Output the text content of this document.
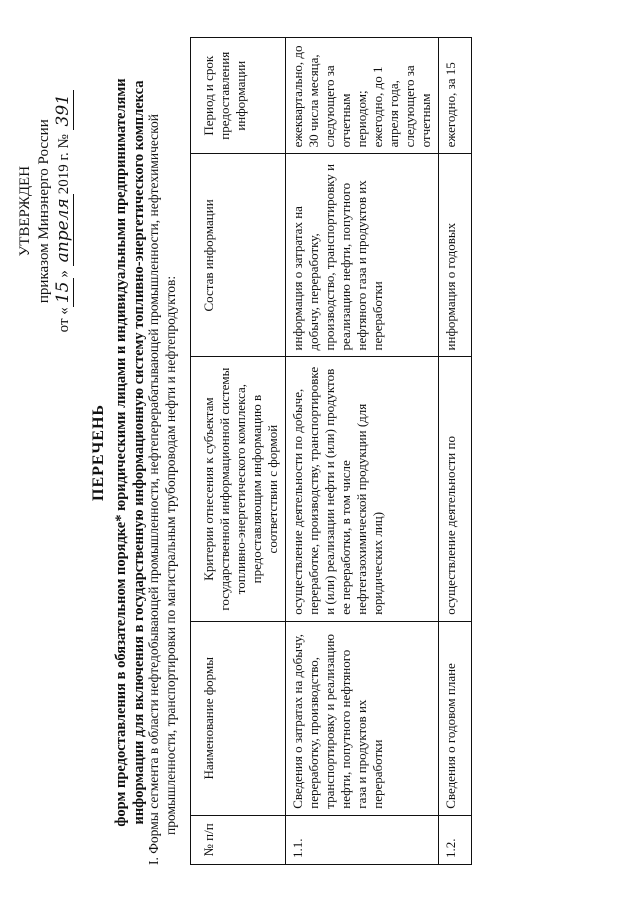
УТВЕРЖДЕН приказом Минэнерго России
от «15» апреля2019 г. № 391
ПЕРЕЧЕНЬ форм предоставления в обязательном порядке* юридическими лицами и индивидуальными предпринимателями информации для включения в государственную информационную систему топливно-энергетического комплекса I. Формы сегмента в области нефтедобывающей промышленности, нефтеперерабатывающей промышленности, нефтехимической промышленности, транспортировки по магистральным трубопроводам нефти и нефтепродуктов:
№ п/п	Наименование формы	Критерии отнесения к субъектам государственной информационной системы топливно-энергетического комплекса, предоставляющим информацию в соответствии с формой	Состав информации	Период и срок предоставления информации
1.1.	Сведения о затратах на добычу, переработку, производство, транспортировку и реализацию нефти, попутного нефтяного газа и продуктов их переработки	осуществление деятельности по добыче, переработке, производству, транспортировке и (или) реализации нефти и (или) продуктов ее переработки, в том числе нефтегазохимической продукции (для юридических лиц)	информация о затратах на добычу, переработку, производство, транспортировку и реализацию нефти, попутного нефтяного газа и продуктов их переработки	ежеквартально, до 30 числа месяца, следующего за отчетным периодом; ежегодно, до 1 апреля года, следующего за отчетным
1.2.	Сведения о годовом плане	осуществление деятельности по	информация о годовых	ежегодно, за 15
